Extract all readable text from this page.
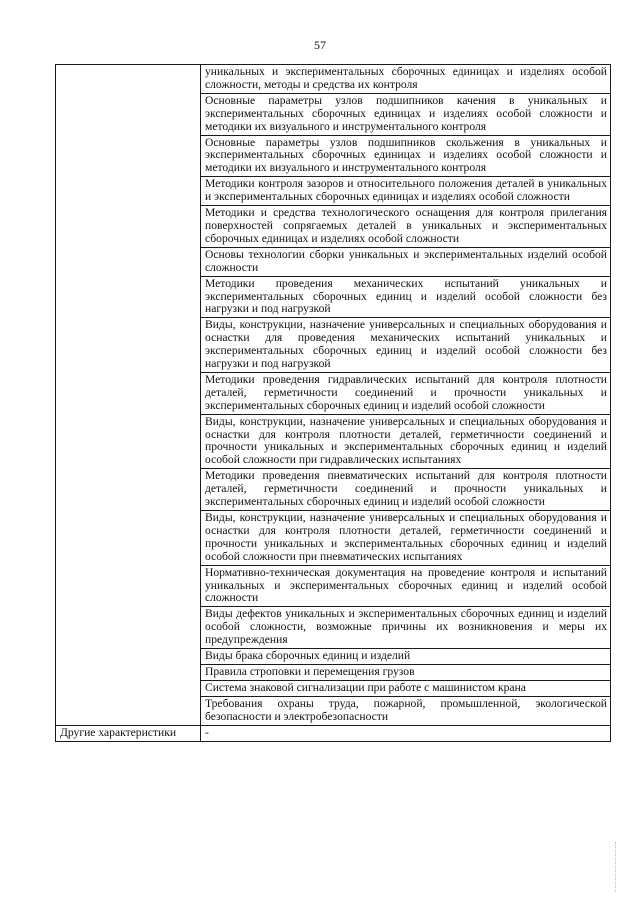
57
	уникальных и экспериментальных сборочных единицах и изделиях особой сложности, методы и средства их контроля
	Основные параметры узлов подшипников качения в уникальных и экспериментальных сборочных единицах и изделиях особой сложности и методики их визуального и инструментального контроля
	Основные параметры узлов подшипников скольжения в уникальных и экспериментальных сборочных единицах и изделиях особой сложности и методики их визуального и инструментального контроля
	Методики контроля зазоров и относительного положения деталей в уникальных и экспериментальных сборочных единицах и изделиях особой сложности
	Методики и средства технологического оснащения для контроля прилегания поверхностей сопрягаемых деталей в уникальных и экспериментальных сборочных единицах и изделиях особой сложности
	Основы технологии сборки уникальных и экспериментальных изделий особой сложности
	Методики проведения механических испытаний уникальных и экспериментальных сборочных единиц и изделий особой сложности без нагрузки и под нагрузкой
	Виды, конструкции, назначение универсальных и специальных оборудования и оснастки для проведения механических испытаний уникальных и экспериментальных сборочных единиц и изделий особой сложности без нагрузки и под нагрузкой
	Методики проведения гидравлических испытаний для контроля плотности деталей, герметичности соединений и прочности уникальных и экспериментальных сборочных единиц и изделий особой сложности
	Виды, конструкции, назначение универсальных и специальных оборудования и оснастки для контроля плотности деталей, герметичности соединений и прочности уникальных и экспериментальных сборочных единиц и изделий особой сложности при гидравлических испытаниях
	Методики проведения пневматических испытаний для контроля плотности деталей, герметичности соединений и прочности уникальных и экспериментальных сборочных единиц и изделий особой сложности
	Виды, конструкции, назначение универсальных и специальных оборудования и оснастки для контроля плотности деталей, герметичности соединений и прочности уникальных и экспериментальных сборочных единиц и изделий особой сложности при пневматических испытаниях
	Нормативно-техническая документация на проведение контроля и испытаний уникальных и экспериментальных сборочных единиц и изделий особой сложности
	Виды дефектов уникальных и экспериментальных сборочных единиц и изделий особой сложности, возможные причины их возникновения и меры их предупреждения
	Виды брака сборочных единиц и изделий
	Правила строповки и перемещения грузов
	Система знаковой сигнализации при работе с машинистом крана
	Требования охраны труда, пожарной, промышленной, экологической безопасности и электробезопасности
Другие характеристики	-
